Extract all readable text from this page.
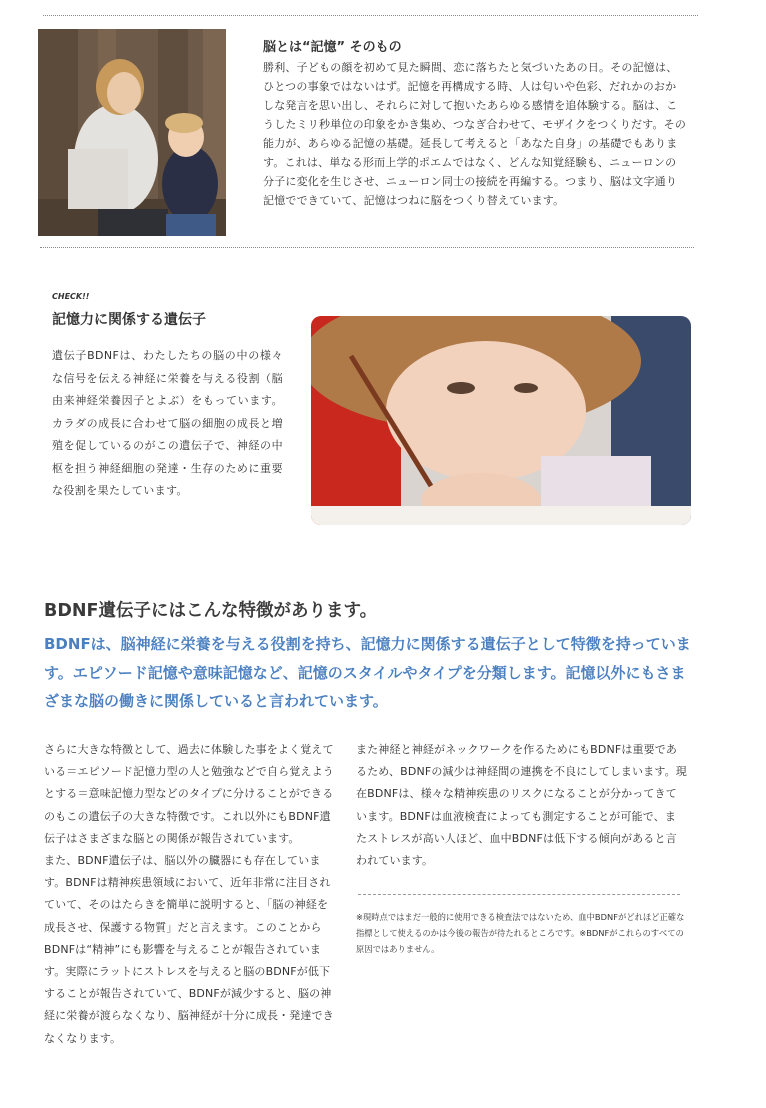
脳とは“記憶” そのもの
勝利、子どもの顔を初めて見た瞬間、恋に落ちたと気づいたあの日。その記憶は、ひとつの事象ではないはず。記憶を再構成する時、人は匂いや色彩、だれかのおかしな発言を思い出し、それらに対して抱いたあらゆる感情を追体験する。脳は、こうしたミリ秒単位の印象をかき集め、つなぎ合わせて、モザイクをつくりだす。その能力が、あらゆる記憶の基礎。延長して考えると「あなた自身」の基礎でもあります。これは、単なる形而上学的ポエムではなく、どんな知覚経験も、ニューロンの分子に変化を生じさせ、ニューロン同士の接続を再編する。つまり、脳は文字通り記憶でできていて、記憶はつねに脳をつくり替えています。
CHECK!!
記憶力に関係する遺伝子
遺伝子BDNFは、わたしたちの脳の中の様々な信号を伝える神経に栄養を与える役割（脳由来神経栄養因子とよぶ）をもっています。カラダの成長に合わせて脳の細胞の成長と増殖を促しているのがこの遺伝子で、神経の中枢を担う神経細胞の発達・生存のために重要な役割を果たしています。
BDNF遺伝子にはこんな特徴があります。
BDNFは、脳神経に栄養を与える役割を持ち、記憶力に関係する遺伝子として特徴を持っています。エピソード記憶や意味記憶など、記憶のスタイルやタイプを分類します。記憶以外にもさまざまな脳の働きに関係していると言われています。
さらに大きな特徴として、過去に体験した事をよく覚えている＝エピソード記憶力型の人と勉強などで自ら覚えようとする＝意味記憶力型などのタイプに分けることができるのもこの遺伝子の大きな特徴です。これ以外にもBDNF遺伝子はさまざまな脳との関係が報告されています。
また、BDNF遺伝子は、脳以外の臓器にも存在しています。BDNFは精神疾患領域において、近年非常に注目されていて、そのはたらきを簡単に説明すると、「脳の神経を成長させ、保護する物質」だと言えます。このことからBDNFは“精神”にも影響を与えることが報告されています。実際にラットにストレスを与えると脳のBDNFが低下することが報告されていて、BDNFが減少すると、脳の神経に栄養が渡らなくなり、脳神経が十分に成長・発達できなくなります。
また神経と神経がネックワークを作るためにもBDNFは重要であるため、BDNFの減少は神経間の連携を不良にしてしまいます。現在BDNFは、様々な精神疾患のリスクになることが分かってきています。BDNFは血液検査によっても測定することが可能で、またストレスが高い人ほど、血中BDNFは低下する傾向があると言われています。
※現時点ではまだ一般的に使用できる検査法ではないため、血中BDNFがどれほど正確な指標として使えるのかは今後の報告が待たれるところです。※BDNFがこれらのすべての原因ではありません。
